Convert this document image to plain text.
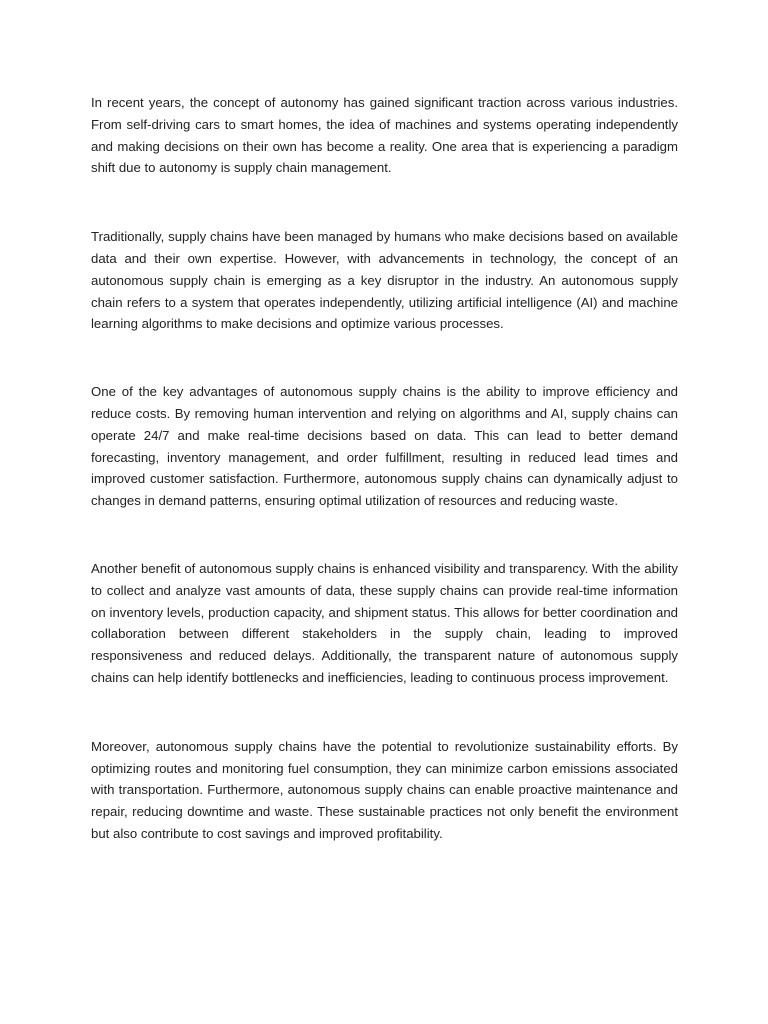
In recent years, the concept of autonomy has gained significant traction across various industries. From self-driving cars to smart homes, the idea of machines and systems operating independently and making decisions on their own has become a reality. One area that is experiencing a paradigm shift due to autonomy is supply chain management.

Traditionally, supply chains have been managed by humans who make decisions based on available data and their own expertise. However, with advancements in technology, the concept of an autonomous supply chain is emerging as a key disruptor in the industry. An autonomous supply chain refers to a system that operates independently, utilizing artificial intelligence (AI) and machine learning algorithms to make decisions and optimize various processes.

One of the key advantages of autonomous supply chains is the ability to improve efficiency and reduce costs. By removing human intervention and relying on algorithms and AI, supply chains can operate 24/7 and make real-time decisions based on data. This can lead to better demand forecasting, inventory management, and order fulfillment, resulting in reduced lead times and improved customer satisfaction. Furthermore, autonomous supply chains can dynamically adjust to changes in demand patterns, ensuring optimal utilization of resources and reducing waste.

Another benefit of autonomous supply chains is enhanced visibility and transparency. With the ability to collect and analyze vast amounts of data, these supply chains can provide real-time information on inventory levels, production capacity, and shipment status. This allows for better coordination and collaboration between different stakeholders in the supply chain, leading to improved responsiveness and reduced delays. Additionally, the transparent nature of autonomous supply chains can help identify bottlenecks and inefficiencies, leading to continuous process improvement.

Moreover, autonomous supply chains have the potential to revolutionize sustainability efforts. By optimizing routes and monitoring fuel consumption, they can minimize carbon emissions associated with transportation. Furthermore, autonomous supply chains can enable proactive maintenance and repair, reducing downtime and waste. These sustainable practices not only benefit the environment but also contribute to cost savings and improved profitability.
